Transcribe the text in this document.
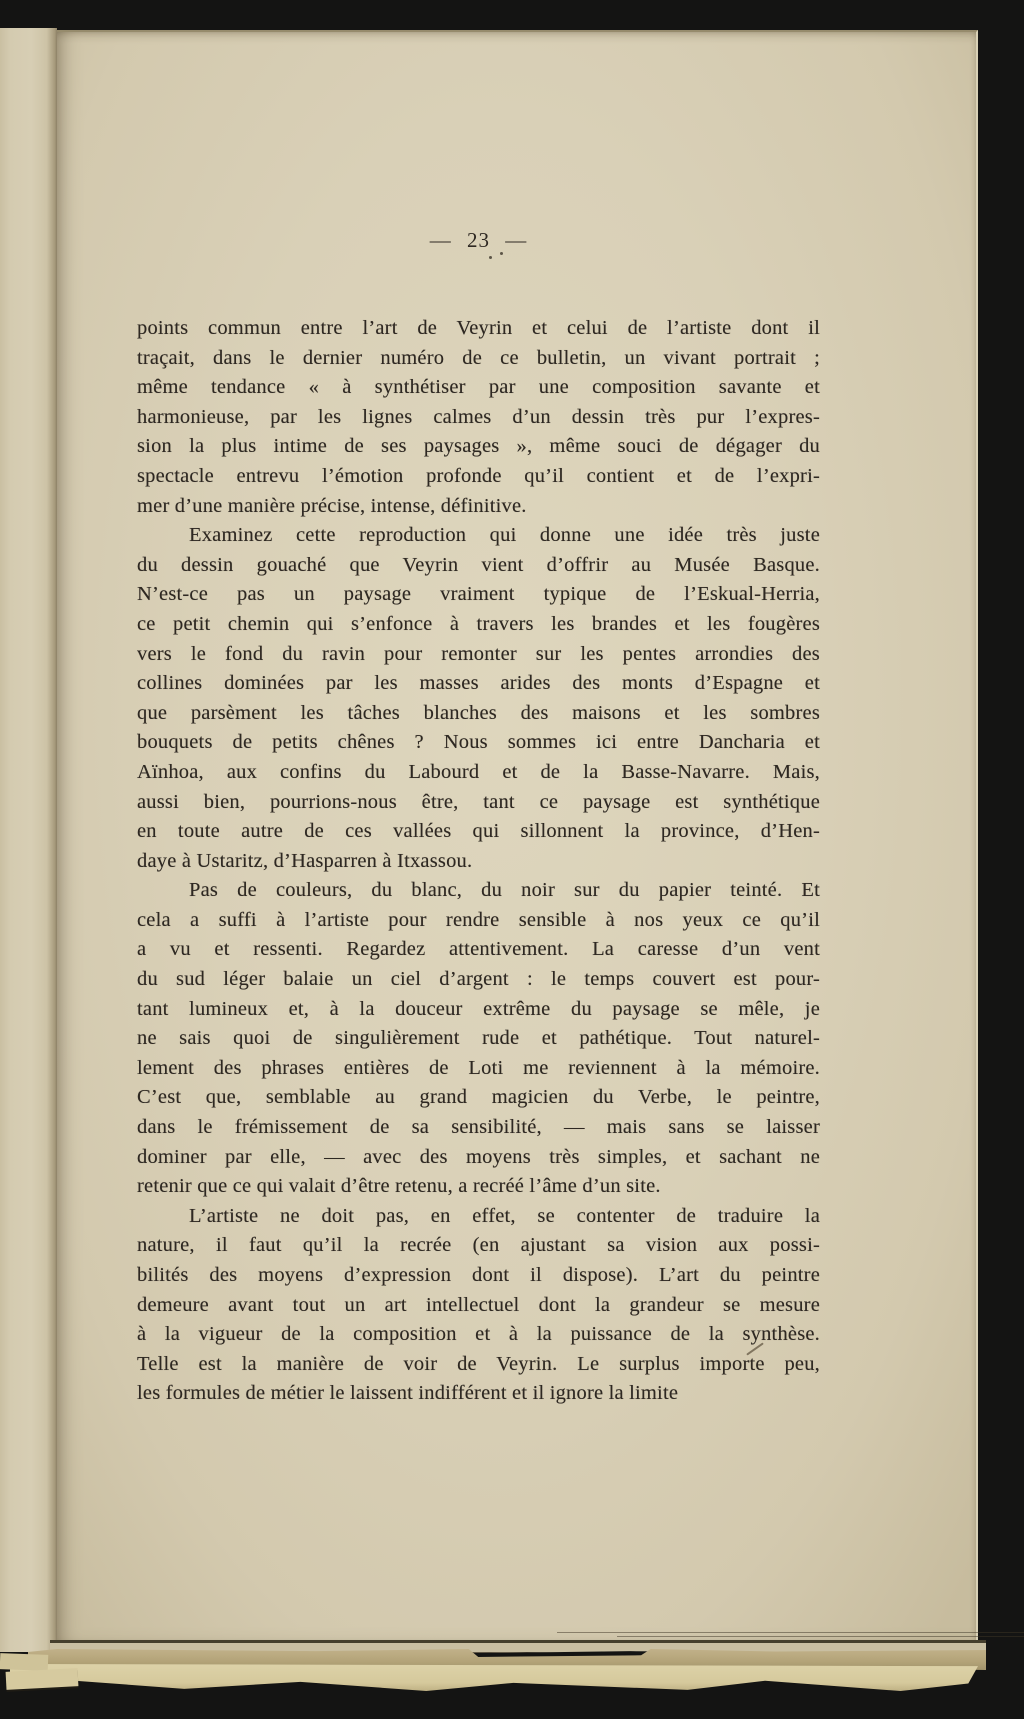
— 23 —
points commun entre l’art de Veyrin et celui de l’artiste dont il
traçait, dans le dernier numéro de ce bulletin, un vivant portrait ;
même tendance « à synthétiser par une composition savante et
harmonieuse, par les lignes calmes d’un dessin très pur l’expres-
sion la plus intime de ses paysages », même souci de dégager du
spectacle entrevu l’émotion profonde qu’il contient et de l’expri-
mer d’une manière précise, intense, définitive.
Examinez cette reproduction qui donne une idée très juste
du dessin gouaché que Veyrin vient d’offrir au Musée Basque.
N’est-ce pas un paysage vraiment typique de l’Eskual-Herria,
ce petit chemin qui s’enfonce à travers les brandes et les fougères
vers le fond du ravin pour remonter sur les pentes arrondies des
collines dominées par les masses arides des monts d’Espagne et
que parsèment les tâches blanches des maisons et les sombres
bouquets de petits chênes ? Nous sommes ici entre Dancharia et
Aïnhoa, aux confins du Labourd et de la Basse-Navarre. Mais,
aussi bien, pourrions-nous être, tant ce paysage est synthétique
en toute autre de ces vallées qui sillonnent la province, d’Hen-
daye à Ustaritz, d’Hasparren à Itxassou.
Pas de couleurs, du blanc, du noir sur du papier teinté. Et
cela a suffi à l’artiste pour rendre sensible à nos yeux ce qu’il
a vu et ressenti. Regardez attentivement. La caresse d’un vent
du sud léger balaie un ciel d’argent : le temps couvert est pour-
tant lumineux et, à la douceur extrême du paysage se mêle, je
ne sais quoi de singulièrement rude et pathétique. Tout naturel-
lement des phrases entières de Loti me reviennent à la mémoire.
C’est que, semblable au grand magicien du Verbe, le peintre,
dans le frémissement de sa sensibilité, — mais sans se laisser
dominer par elle, — avec des moyens très simples, et sachant ne
retenir que ce qui valait d’être retenu, a recréé l’âme d’un site.
L’artiste ne doit pas, en effet, se contenter de traduire la
nature, il faut qu’il la recrée (en ajustant sa vision aux possi-
bilités des moyens d’expression dont il dispose). L’art du peintre
demeure avant tout un art intellectuel dont la grandeur se mesure
à la vigueur de la composition et à la puissance de la synthèse.
Telle est la manière de voir de Veyrin. Le surplus importe peu,
les formules de métier le laissent indifférent et il ignore la limite
